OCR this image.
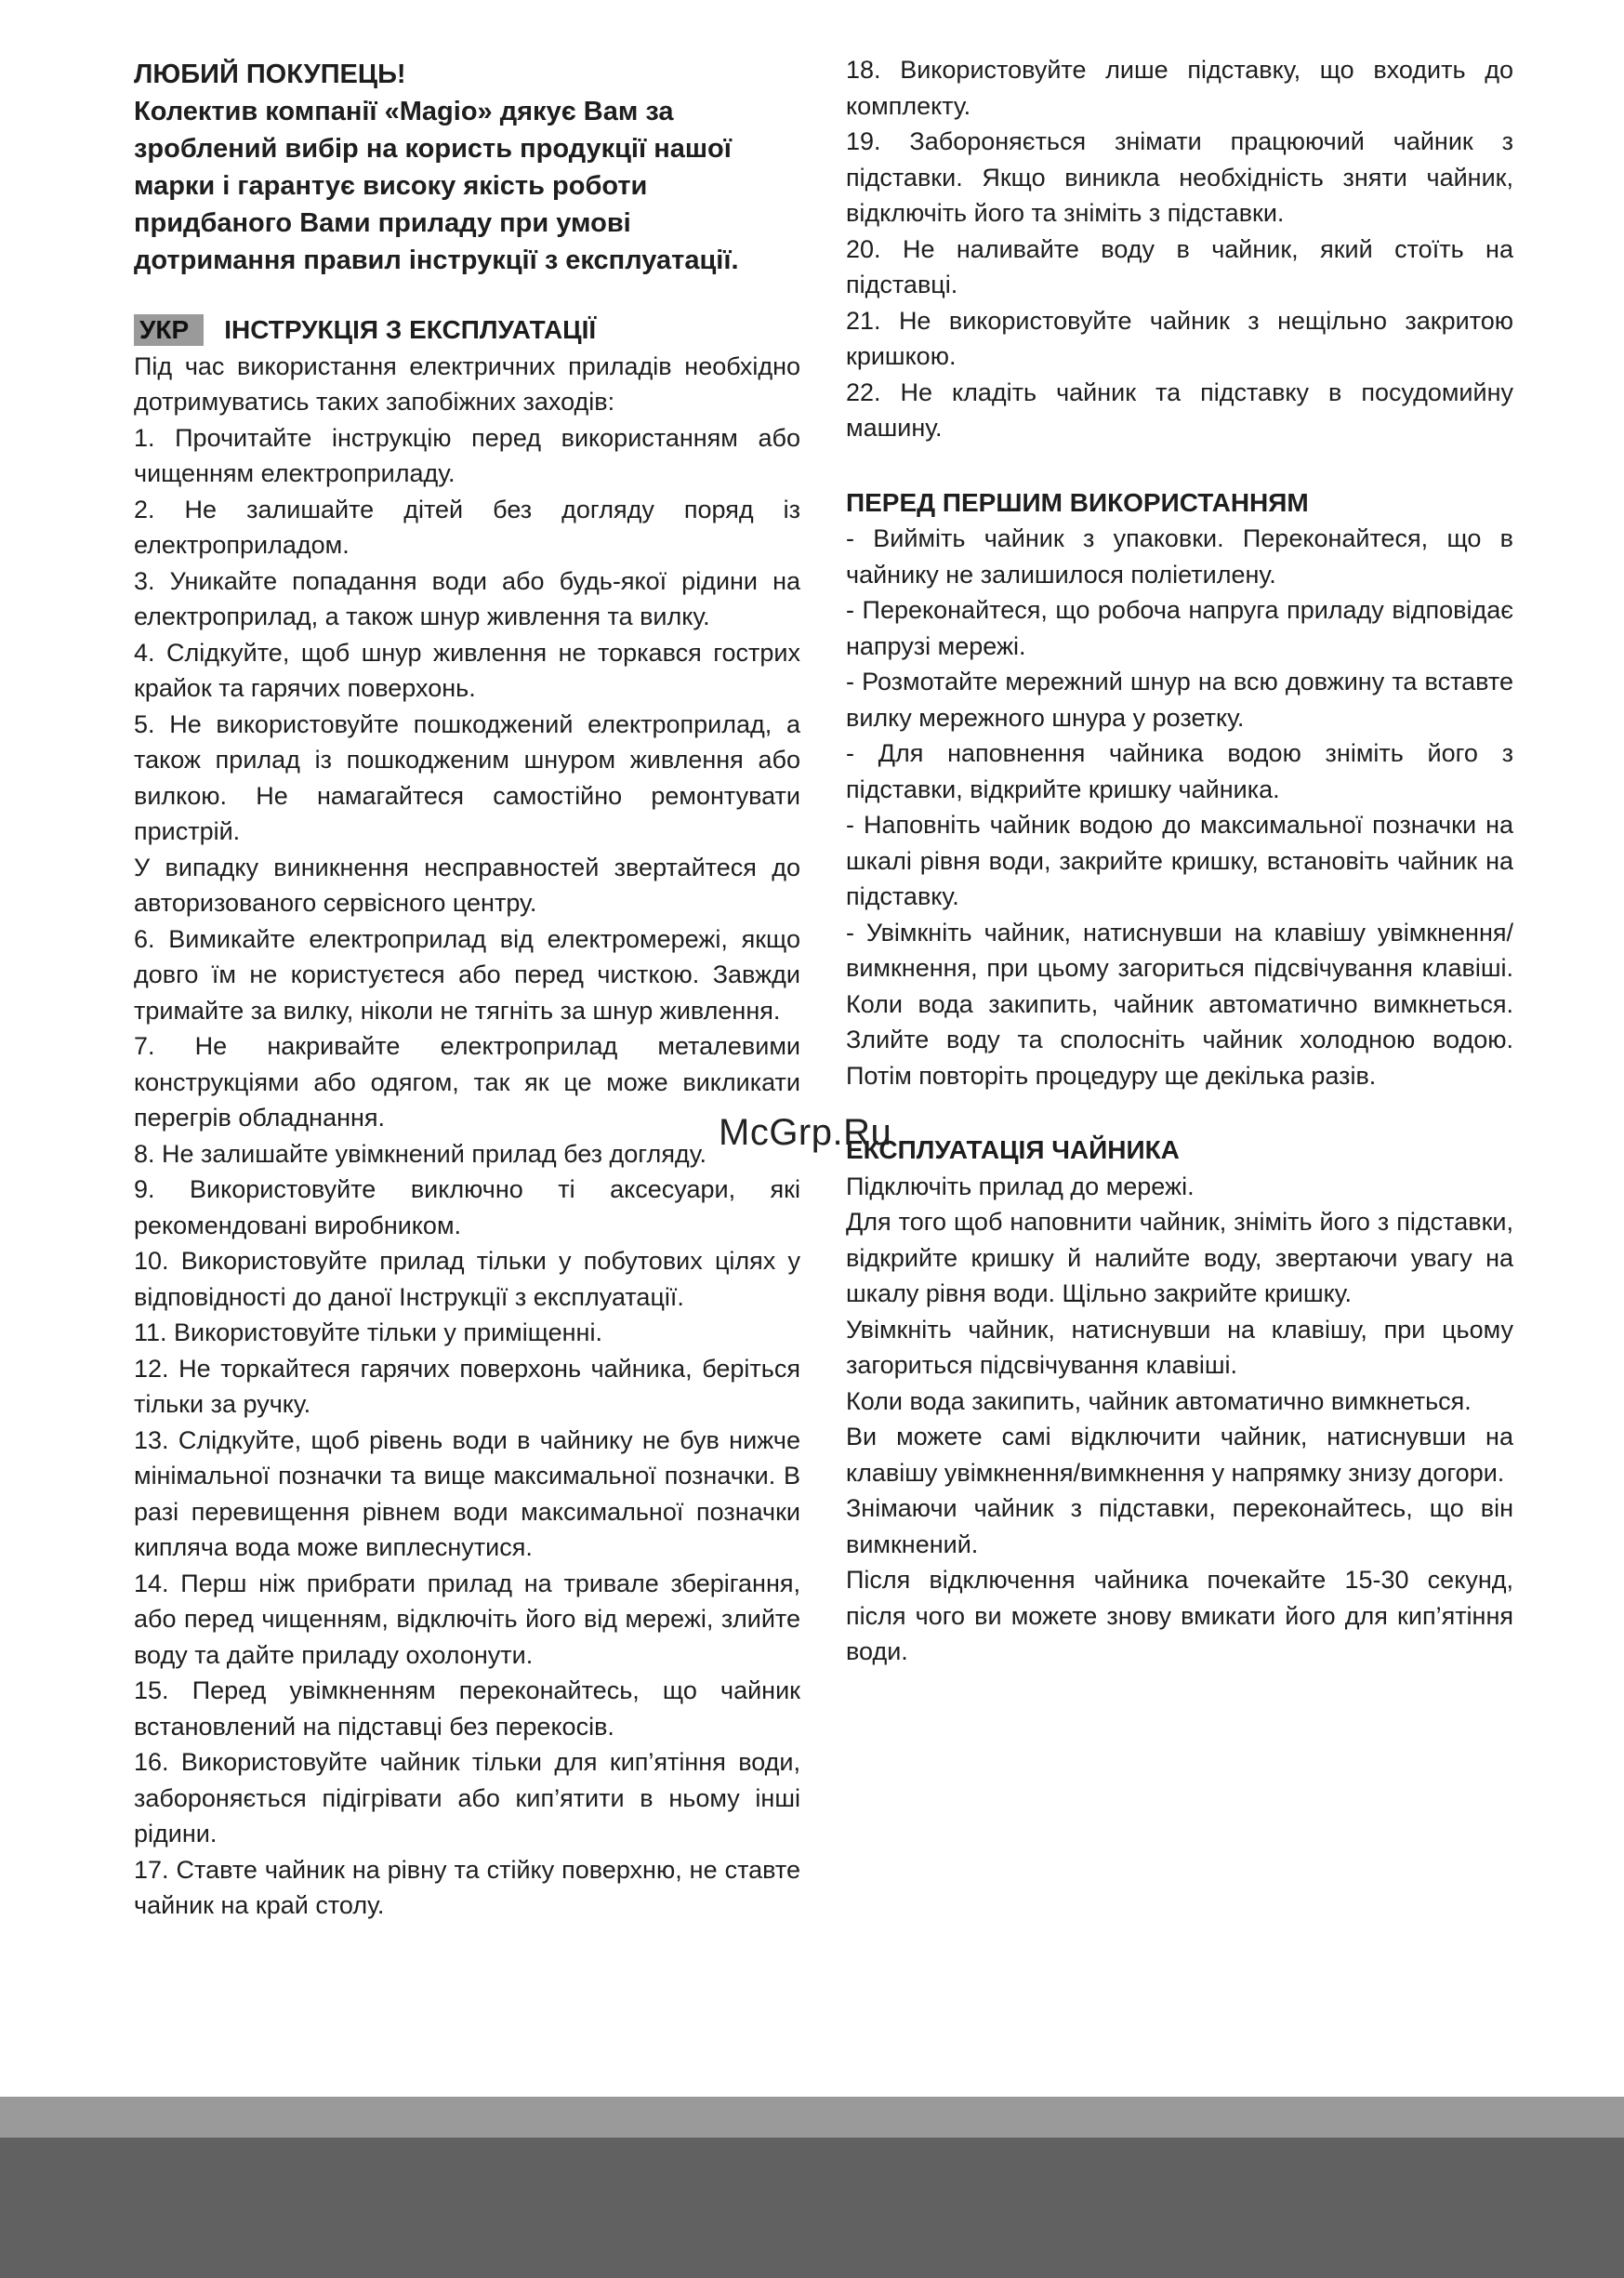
ЛЮБИЙ ПОКУПЕЦЬ!

Колектив компанії «Magio» дякує Вам за зроблений вибір на користь продукції нашої марки і гарантує високу якість роботи придбаного Вами приладу при умові дотримання правил інструкції з експлуатації.

УКР	ІНСТРУКЦІЯ З ЕКСПЛУАТАЦІЇ

Під час використання електричних приладів необхідно дотримуватись таких запобіжних заходів:

1. Прочитайте інструкцію перед використанням або чищенням електроприладу.

2. Не залишайте дітей без догляду поряд із електроприладом.

3. Уникайте попадання води або будь-якої рідини на електроприлад, а також шнур живлення та вилку.

4. Слідкуйте, щоб шнур живлення не торкався гострих крайок та гарячих поверхонь.

5. Не використовуйте пошкоджений електроприлад, а також прилад із пошкодженим шнуром живлення або вилкою. Не намагайтеся самостійно ремонтувати пристрій.

У випадку виникнення несправностей звертайтеся до авторизованого сервісного центру.

6. Вимикайте електроприлад від електромережі, якщо довго їм не користуєтеся або перед чисткою. Завжди тримайте за вилку, ніколи не тягніть за шнур живлення.

7. Не накривайте електроприлад металевими конструкціями або одягом, так як це може викликати перегрів обладнання.

8. Не залишайте увімкнений прилад без догляду.

9. Використовуйте виключно ті аксесуари, які рекомендовані виробником.

10. Використовуйте прилад тільки у побутових цілях у відповідності до даної Інструкції з експлуатації.

11. Використовуйте тільки у приміщенні.

12. Не торкайтеся гарячих поверхонь чайника, беріться тільки за ручку.

13. Слідкуйте, щоб рівень води в чайнику не був нижче мінімальної позначки та вище максимальної позначки. В разі перевищення рівнем води максимальної позначки кипляча вода може виплеснутися.

14. Перш ніж прибрати прилад на тривале зберігання, або перед чищенням, відключіть його від мережі, злийте воду та дайте приладу охолонути.

15. Перед увімкненням переконайтесь, що чайник встановлений на підставці без перекосів.

16. Використовуйте чайник тільки для кип’ятіння води, забороняється підігрівати або кип’ятити в ньому інші рідини.

17. Ставте чайник на рівну та стійку поверхню, не ставте чайник на край столу.

18. Використовуйте лише підставку, що входить до комплекту.

19. Забороняється знімати працюючий чайник з підставки. Якщо виникла необхідність зняти чайник, відключіть його та зніміть з підставки.

20. Не наливайте воду в чайник, який стоїть на підставці.

21. Не використовуйте чайник з нещільно закритою кришкою.

22. Не кладіть чайник та підставку в посудомийну машину.

ПЕРЕД ПЕРШИМ ВИКОРИСТАННЯМ

- Вийміть чайник з упаковки. Переконайтеся, що в чайнику не залишилося поліетилену.

- Переконайтеся, що робоча напруга приладу відповідає напрузі мережі.

- Розмотайте мережний шнур на всю довжину та вставте вилку мережного шнура у розетку.

- Для наповнення чайника водою зніміть його з підставки, відкрийте кришку чайника.

- Наповніть чайник водою до максимальної позначки на шкалі рівня води, закрийте кришку, встановіть чайник на підставку.

- Увімкніть чайник, натиснувши на клавішу увімкнення/вимкнення, при цьому загориться підсвічування клавіші. Коли вода закипить, чайник автоматично вимкнеться. Злийте воду та сполосніть чайник холодною водою. Потім повторіть процедуру ще декілька разів.

ЕКСПЛУАТАЦІЯ ЧАЙНИКА

Підключіть прилад до мережі.

Для того щоб наповнити чайник, зніміть його з підставки, відкрийте кришку й налийте воду, звертаючи увагу на шкалу рівня води. Щільно закрийте кришку.

Увімкніть чайник, натиснувши на клавішу, при цьому загориться підсвічування клавіші.

Коли вода закипить, чайник автоматично вимкнеться.

Ви можете самі відключити чайник, натиснувши на клавішу увімкнення/вимкнення у напрямку знизу догори.

Знімаючи чайник з підставки, переконайтесь, що він вимкнений.

Після відключення чайника почекайте 15-30 секунд, після чого ви можете знову вмикати його для кип’ятіння води.

McGrp.Ru
